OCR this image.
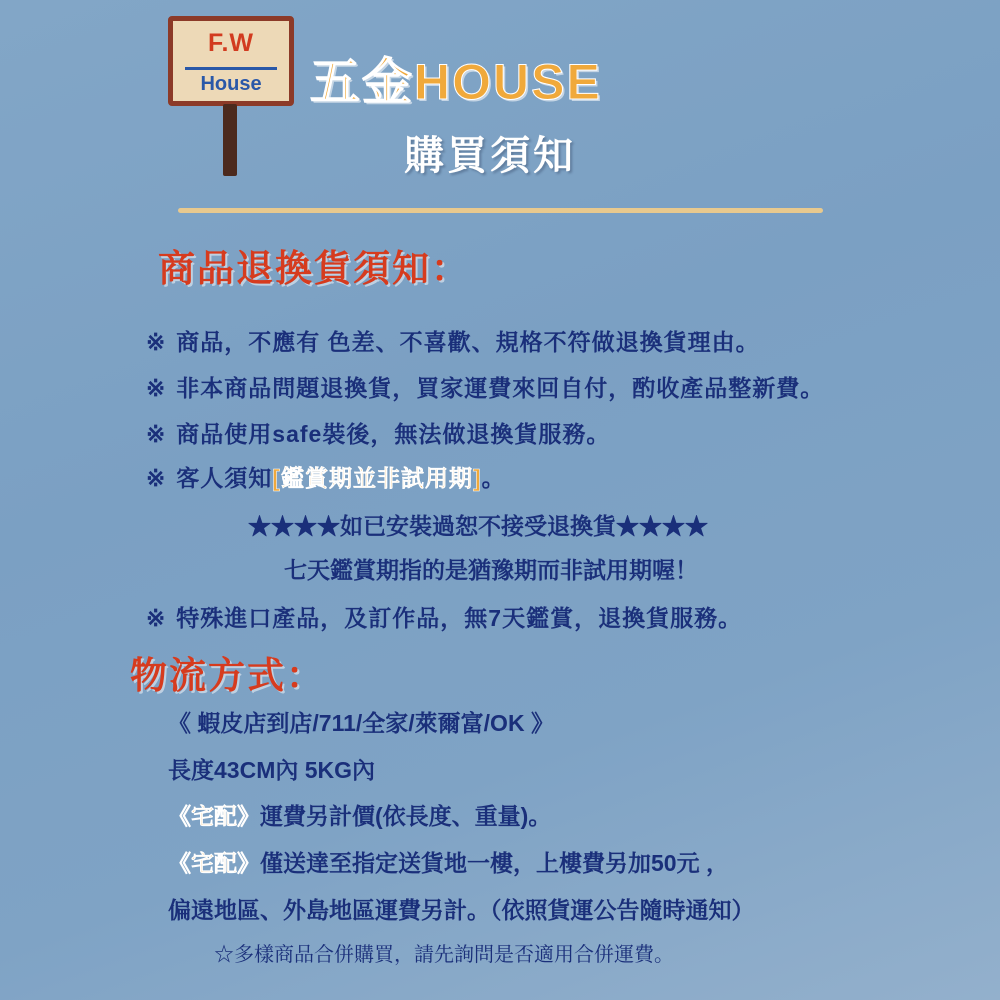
F.W
House 五金HOUSE
購買須知
商品退換貨須知：
※ 商品，不應有 色差、不喜歡、規格不符做退換貨理由。
※ 非本商品問題退換貨，買家運費來回自付，酌收產品整新費。
※ 商品使用safe裝後，無法做退換貨服務。
※ 客人須知[鑑賞期並非試用期]。
★★★★如已安裝過恕不接受退換貨★★★★
七天鑑賞期指的是猶豫期而非試用期喔！
※ 特殊進口產品，及訂作品，無7天鑑賞，退換貨服務。
物流方式：
《 蝦皮店到店/711/全家/萊爾富/OK 》
長度43CM內 5KG內
《宅配》運費另計價(依長度、重量)。
《宅配》僅送達至指定送貨地一樓，上樓費另加50元 ，
偏遠地區、外島地區運費另計。（依照貨運公告隨時通知）
☆多樣商品合併購買，請先詢問是否適用合併運費。
